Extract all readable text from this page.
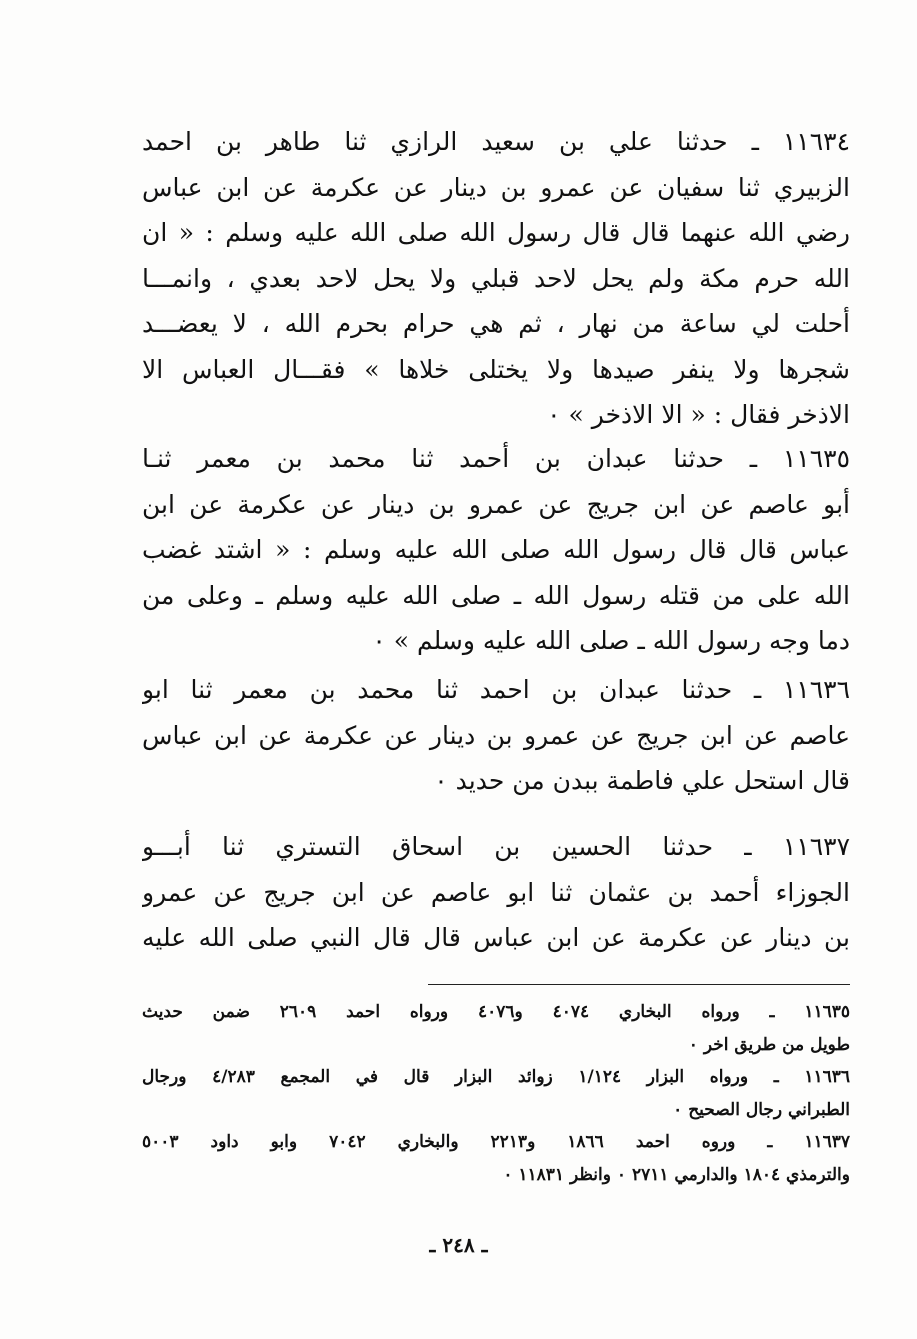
١١٦٣٤ ـ حدثنا علي بن سعيد الرازي ثنا طاهر بن احمد
الزبيري ثنا سفيان عن عمرو بن دينار عن عكرمة عن ابن عباس
رضي الله عنهما قال قال رسول الله صلى الله عليه وسلم : « ان
الله حرم مكة ولم يحل لاحد قبلي ولا يحل لاحد بعدي ، وانمـــا
أحلت لي ساعة من نهار ، ثم هي حرام بحرم الله ، لا يعضـــد
شجرها ولا ينفر صيدها ولا يختلى خلاها » فقـــال العباس الا
الاذخر فقال : « الا الاذخر » ٠
١١٦٣٥ ـ حدثنا عبدان بن أحمد ثنا محمد بن معمر ثنـا
أبو عاصم عن ابن جريج عن عمرو بن دينار عن عكرمة عن ابن
عباس قال قال رسول الله صلى الله عليه وسلم : « اشتد غضب
الله على من قتله رسول الله ـ صلى الله عليه وسلم ـ وعلى من
دما وجه رسول الله ـ صلى الله عليه وسلم » ٠
١١٦٣٦ ـ حدثنا عبدان بن احمد ثنا محمد بن معمر ثنا ابو
عاصم عن ابن جريج عن عمرو بن دينار عن عكرمة عن ابن عباس
قال استحل علي فاطمة ببدن من حديد ٠
١١٦٣٧ ـ حدثنا الحسين بن اسحاق التستري ثنا أبـــو
الجوزاء أحمد بن عثمان ثنا ابو عاصم عن ابن جريج عن عمرو
بن دينار عن عكرمة عن ابن عباس قال قال النبي صلى الله عليه
١١٦٣٥ ـ ورواه البخاري ٤٠٧٤ و٤٠٧٦ ورواه احمد ٢٦٠٩ ضمن حديث
طويل من طريق اخر ٠
١١٦٣٦ ـ ورواه البزار ١/١٢٤ زوائد البزار قال في المجمع ٤/٢٨٣ ورجال
الطبراني رجال الصحيح ٠
١١٦٣٧ ـ وروه احمد ١٨٦٦ و٢٢١٣ والبخاري ٧٠٤٢ وابو داود ٥٠٠٣
والترمذي ١٨٠٤ والدارمي ٢٧١١ ٠ وانظر ١١٨٣١ ٠
ـ ٢٤٨ ـ
